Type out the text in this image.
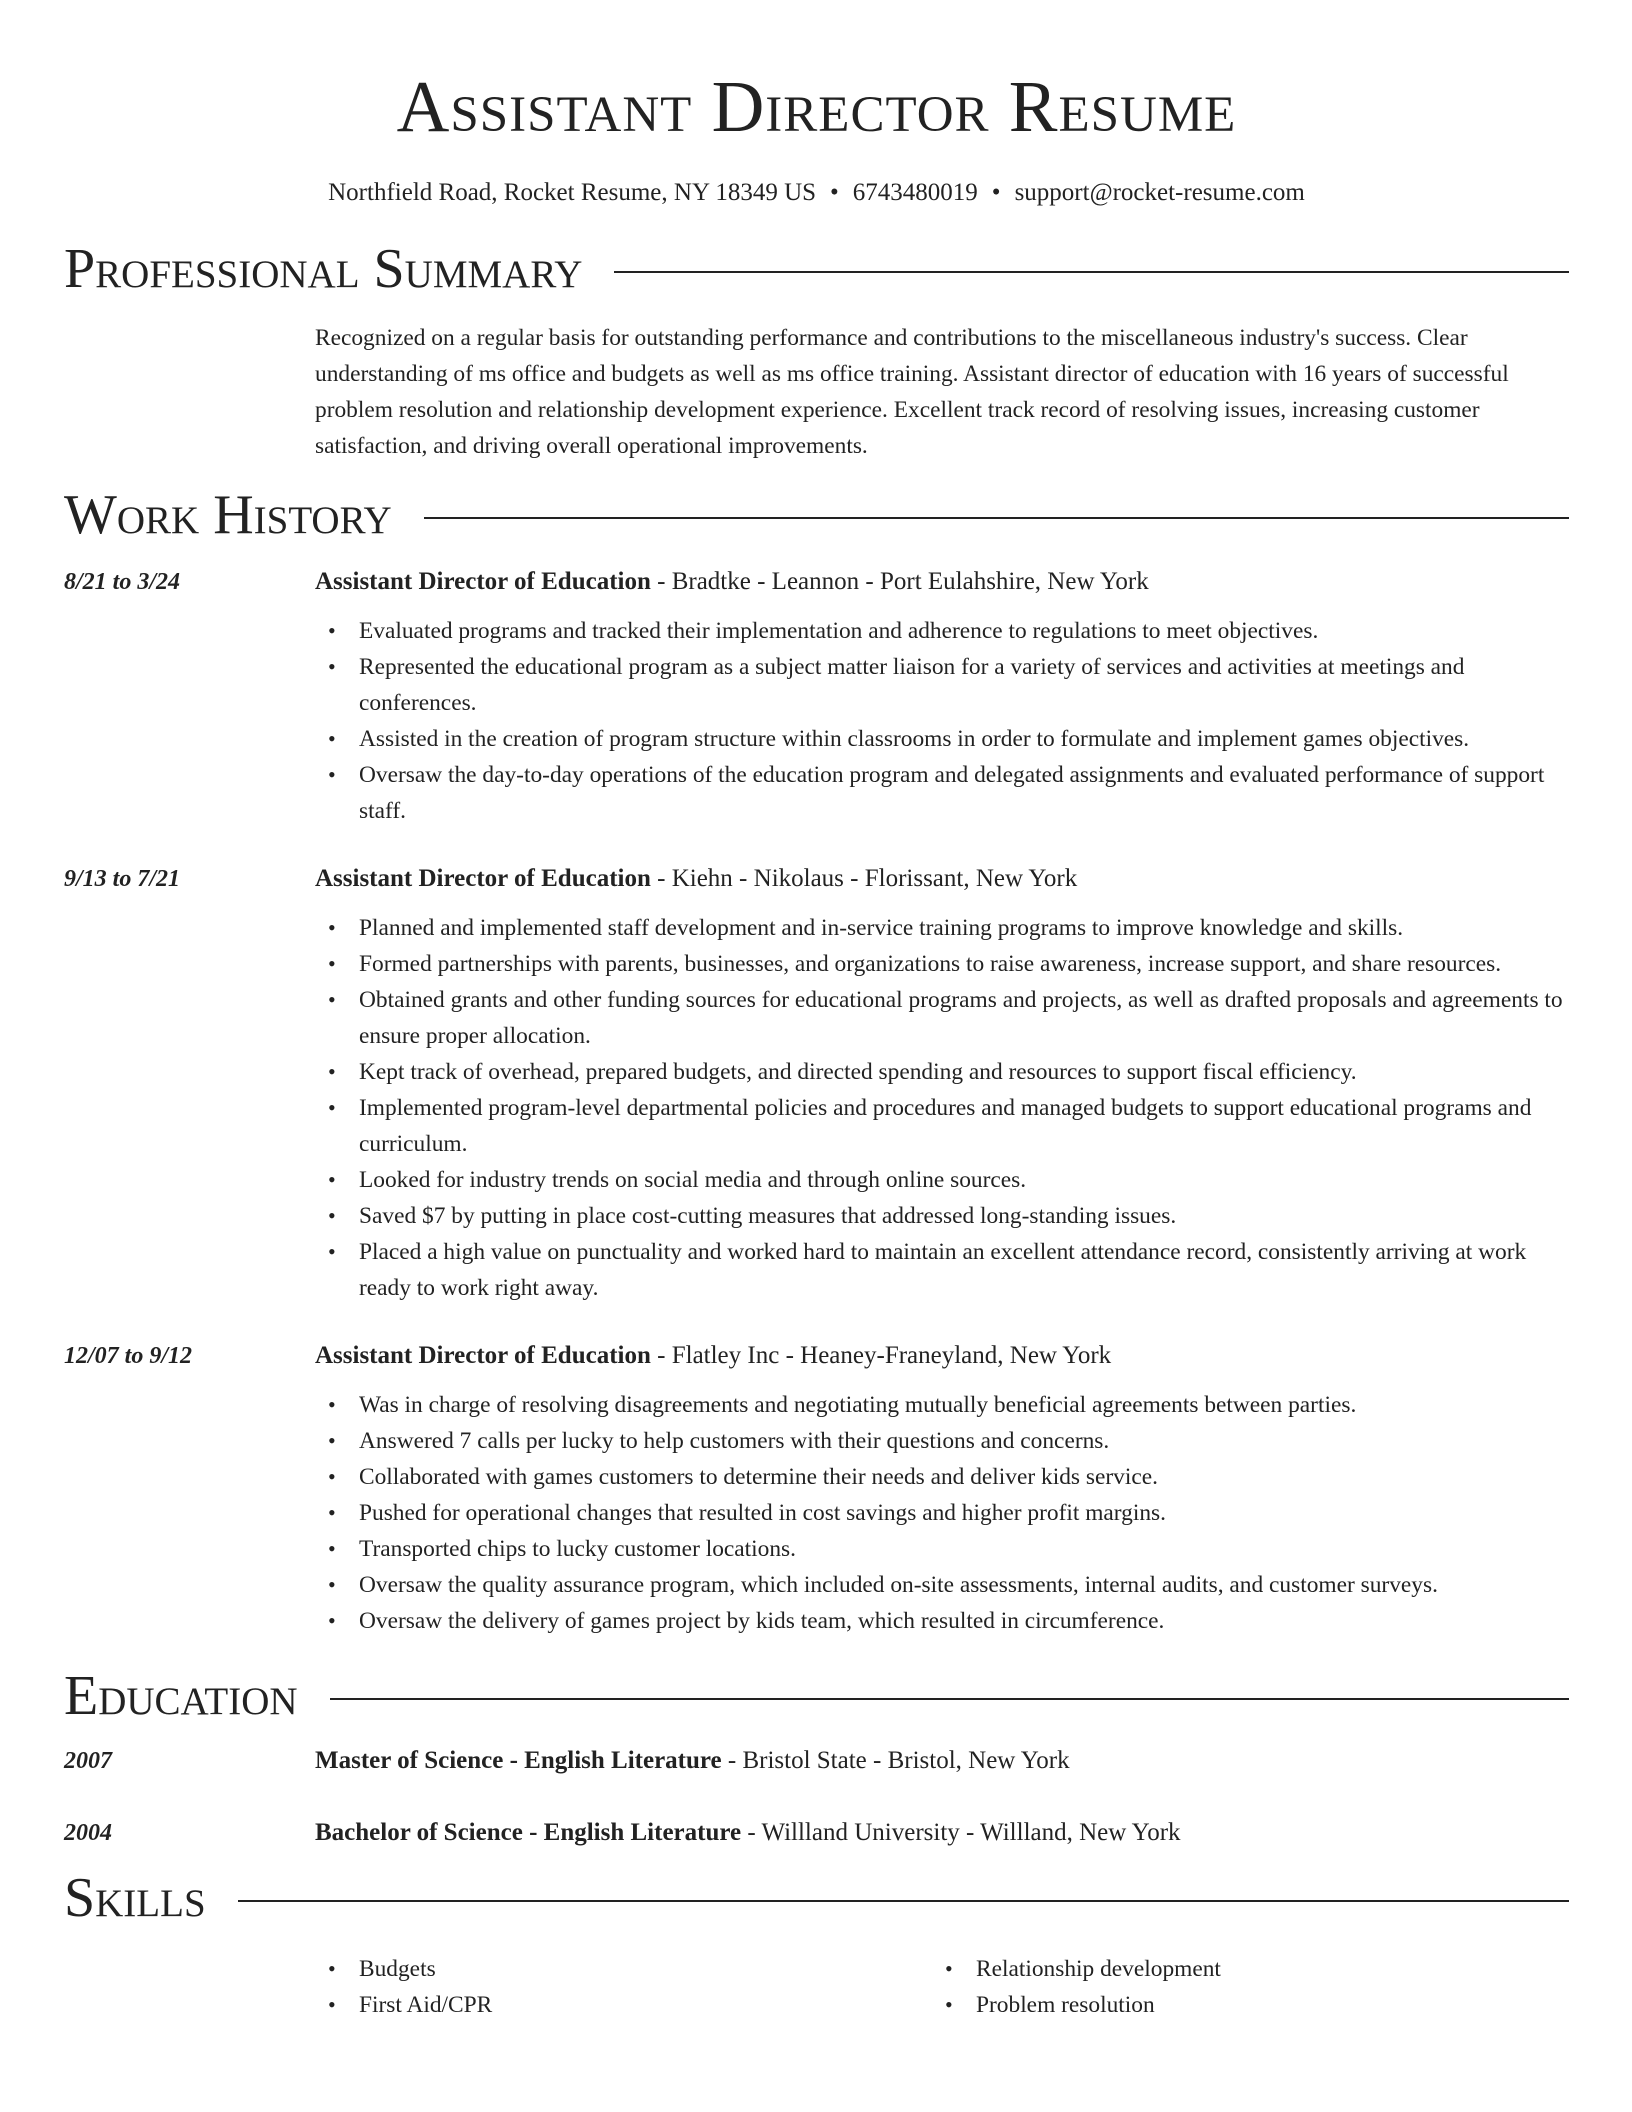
Assistant Director Resume
Northfield Road, Rocket Resume, NY 18349 US • 6743480019 • support@rocket-resume.com
Professional Summary
Recognized on a regular basis for outstanding performance and contributions to the miscellaneous industry's success. Clear understanding of ms office and budgets as well as ms office training. Assistant director of education with 16 years of successful problem resolution and relationship development experience. Excellent track record of resolving issues, increasing customer satisfaction, and driving overall operational improvements.
Work History
8/21 to 3/24	Assistant Director of Education - Bradtke - Leannon - Port Eulahshire, New York
• Evaluated programs and tracked their implementation and adherence to regulations to meet objectives.
• Represented the educational program as a subject matter liaison for a variety of services and activities at meetings and conferences.
• Assisted in the creation of program structure within classrooms in order to formulate and implement games objectives.
• Oversaw the day-to-day operations of the education program and delegated assignments and evaluated performance of support staff.
9/13 to 7/21	Assistant Director of Education - Kiehn - Nikolaus - Florissant, New York
• Planned and implemented staff development and in-service training programs to improve knowledge and skills.
• Formed partnerships with parents, businesses, and organizations to raise awareness, increase support, and share resources.
• Obtained grants and other funding sources for educational programs and projects, as well as drafted proposals and agreements to ensure proper allocation.
• Kept track of overhead, prepared budgets, and directed spending and resources to support fiscal efficiency.
• Implemented program-level departmental policies and procedures and managed budgets to support educational programs and curriculum.
• Looked for industry trends on social media and through online sources.
• Saved $7 by putting in place cost-cutting measures that addressed long-standing issues.
• Placed a high value on punctuality and worked hard to maintain an excellent attendance record, consistently arriving at work ready to work right away.
12/07 to 9/12	Assistant Director of Education - Flatley Inc - Heaney-Franeyland, New York
• Was in charge of resolving disagreements and negotiating mutually beneficial agreements between parties.
• Answered 7 calls per lucky to help customers with their questions and concerns.
• Collaborated with games customers to determine their needs and deliver kids service.
• Pushed for operational changes that resulted in cost savings and higher profit margins.
• Transported chips to lucky customer locations.
• Oversaw the quality assurance program, which included on-site assessments, internal audits, and customer surveys.
• Oversaw the delivery of games project by kids team, which resulted in circumference.
Education
2007	Master of Science - English Literature - Bristol State - Bristol, New York
2004	Bachelor of Science - English Literature - Willland University - Willland, New York
Skills
• Budgets
• First Aid/CPR
• Relationship development
• Problem resolution
